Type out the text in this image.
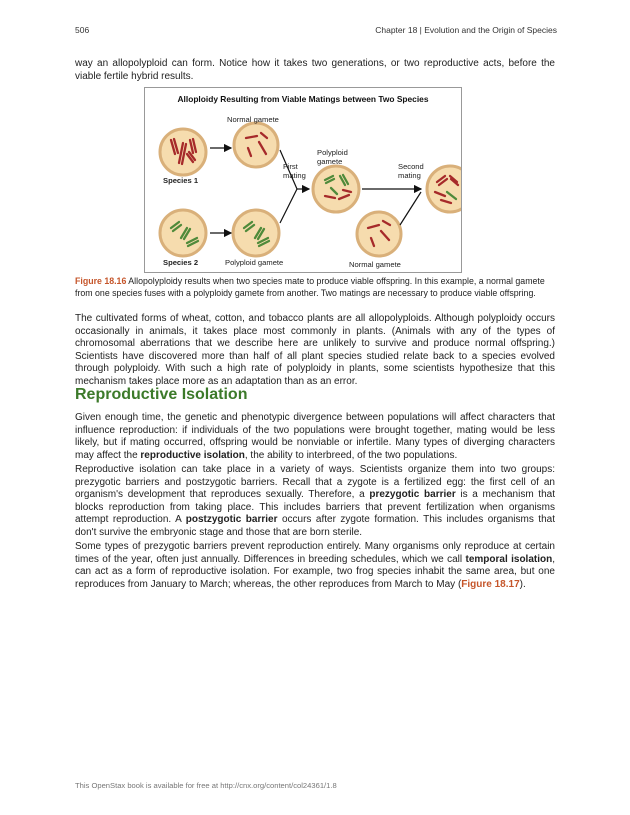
506	Chapter 18 | Evolution and the Origin of Species

way an allopolyploid can form. Notice how it takes two generations, or two reproductive acts, before the viable fertile hybrid results.

Alloploidy Resulting from Viable Matings between Two Species
Normal gamete
Species 1
Species 2	Polyploid gamete
First mating
Polyploid gamete
Second mating
Normal gamete

Figure 18.16 Allopolyploidy results when two species mate to produce viable offspring. In this example, a normal gamete from one species fuses with a polyploidy gamete from another. Two matings are necessary to produce viable offspring.

The cultivated forms of wheat, cotton, and tobacco plants are all allopolyploids. Although polyploidy occurs occasionally in animals, it takes place most commonly in plants. (Animals with any of the types of chromosomal aberrations that we describe here are unlikely to survive and produce normal offspring.) Scientists have discovered more than half of all plant species studied relate back to a species evolved through polyploidy. With such a high rate of polyploidy in plants, some scientists hypothesize that this mechanism takes place more as an adaptation than as an error.

Reproductive Isolation

Given enough time, the genetic and phenotypic divergence between populations will affect characters that influence reproduction: if individuals of the two populations were brought together, mating would be less likely, but if mating occurred, offspring would be nonviable or infertile. Many types of diverging characters may affect the reproductive isolation, the ability to interbreed, of the two populations.

Reproductive isolation can take place in a variety of ways. Scientists organize them into two groups: prezygotic barriers and postzygotic barriers. Recall that a zygote is a fertilized egg: the first cell of an organism's development that reproduces sexually. Therefore, a prezygotic barrier is a mechanism that blocks reproduction from taking place. This includes barriers that prevent fertilization when organisms attempt reproduction. A postzygotic barrier occurs after zygote formation. This includes organisms that don't survive the embryonic stage and those that are born sterile.

Some types of prezygotic barriers prevent reproduction entirely. Many organisms only reproduce at certain times of the year, often just annually. Differences in breeding schedules, which we call temporal isolation, can act as a form of reproductive isolation. For example, two frog species inhabit the same area, but one reproduces from January to March; whereas, the other reproduces from March to May (Figure 18.17).

This OpenStax book is available for free at http://cnx.org/content/col24361/1.8
